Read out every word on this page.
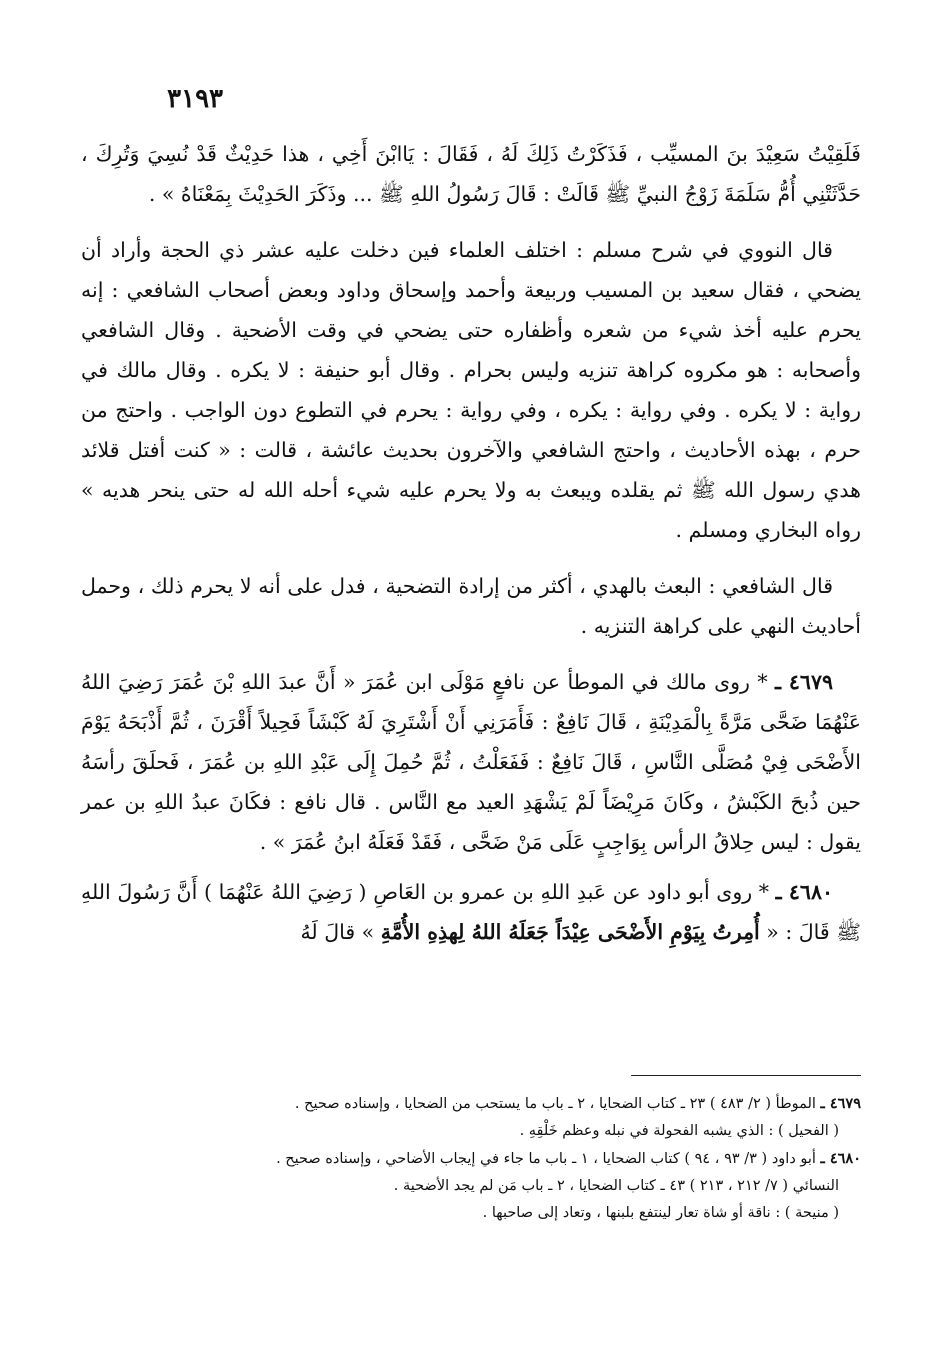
٣١٩٣

فَلَقِيْتُ سَعِيْدَ بنَ المسيِّب ، فَذَكَرْتُ ذَلِكَ لَهُ ، فَقَالَ : يَاابْنَ أَخِي ، هذا حَدِيْثٌ قَدْ نُسِيَ وَتُرِكَ ، حَدَّثَتْنِي أُمُّ سَلَمَةَ زَوْجُ النبيِّ ﷺ قَالَتْ : قَالَ رَسُولُ اللهِ ﷺ ... وذَكَرَ الحَدِيْثَ بِمَعْنَاهُ » .

قال النووي في شرح مسلم : اختلف العلماء فين دخلت عليه عشر ذي الحجة وأراد أن يضحي ، فقال سعيد بن المسيب وربيعة وأحمد وإسحاق وداود وبعض أصحاب الشافعي : إنه يحرم عليه أخذ شيء من شعره وأظفاره حتى يضحي في وقت الأضحية . وقال الشافعي وأصحابه : هو مكروه كراهة تنزيه وليس بحرام . وقال أبو حنيفة : لا يكره . وقال مالك في رواية : لا يكره . وفي رواية : يكره ، وفي رواية : يحرم في التطوع دون الواجب . واحتج من حرم ، بهذه الأحاديث ، واحتج الشافعي والآخرون بحديث عائشة ، قالت : « كنت أفتل قلائد هدي رسول الله ﷺ ثم يقلده ويبعث به ولا يحرم عليه شيء أحله الله له حتى ينحر هديه » رواه البخاري ومسلم .

قال الشافعي : البعث بالهدي ، أكثر من إرادة التضحية ، فدل على أنه لا يحرم ذلك ، وحمل أحاديث النهي على كراهة التنزيه .

٤٦٧٩ ـ * روى مالك في الموطأ عن نافعٍ مَوْلَى ابن عُمَرَ « أَنَّ عبدَ اللهِ بْنَ عُمَرَ رَضِيَ اللهُ عَنْهُمَا ضَحَّى مَرَّةً بِالْمَدِيْنَةِ ، قَالَ نَافِعٌ : فَأَمَرَنِي أَنْ أَشْتَرِيَ لَهُ كَبْشَاً فَحِيلاً أَقْرَنَ ، ثُمَّ أَذْبَحَهُ يَوْمَ الأَضْحَى فِيْ مُصَلَّى النَّاسِ ، قَالَ نَافِعٌ : فَفَعَلْتُ ، ثُمَّ حُمِلَ إِلَى عَبْدِ اللهِ بن عُمَرَ ، فَحلَقَ رأسَهُ حين ذُبحَ الكَبْشُ ، وكَانَ مَرِيْضَاً لَمْ يَشْهَدِ العيد مع النَّاس . قال نافع : فكَانَ عبدُ اللهِ بن عمر يقول : ليس حِلاقُ الرأس بِوَاجِبٍ عَلَى مَنْ ضَحَّى ، فَقَدْ فَعَلَهُ ابنُ عُمَرَ » .

٤٦٨٠ ـ * روى أبو داود عن عَبدِ اللهِ بن عمرو بن العَاصِ ( رَضِيَ اللهُ عَنْهُمَا ) أَنَّ رَسُولَ اللهِ ﷺ قَالَ : « أُمِرتُ بِيَوْمِ الأَضْحَى عِيْدَاً جَعَلَهُ اللهُ لِهذِهِ الأُمَّةِ » قالَ لَهُ

٤٦٧٩ ـ الموطأ ( ٢/ ٤٨٣ ) ٢٣ ـ كتاب الضحايا ، ٢ ـ باب ما يستحب من الضحايا ، وإسناده صحيح .

( الفحيل ) : الذي يشبه الفحولة في نبله وعظم خَلْقِهِ .

٤٦٨٠ ـ أبو داود ( ٣/ ٩٣ ، ٩٤ ) كتاب الضحايا ، ١ ـ باب ما جاء في إيجاب الأضاحي ، وإسناده صحيح .

النسائي ( ٧/ ٢١٢ ، ٢١٣ ) ٤٣ ـ كتاب الضحايا ، ٢ ـ باب مَن لم يجد الأضحية .

( منيحة ) : ناقة أو شاة تعار لينتفع بلبنها ، وتعاد إلى صاحبها .
